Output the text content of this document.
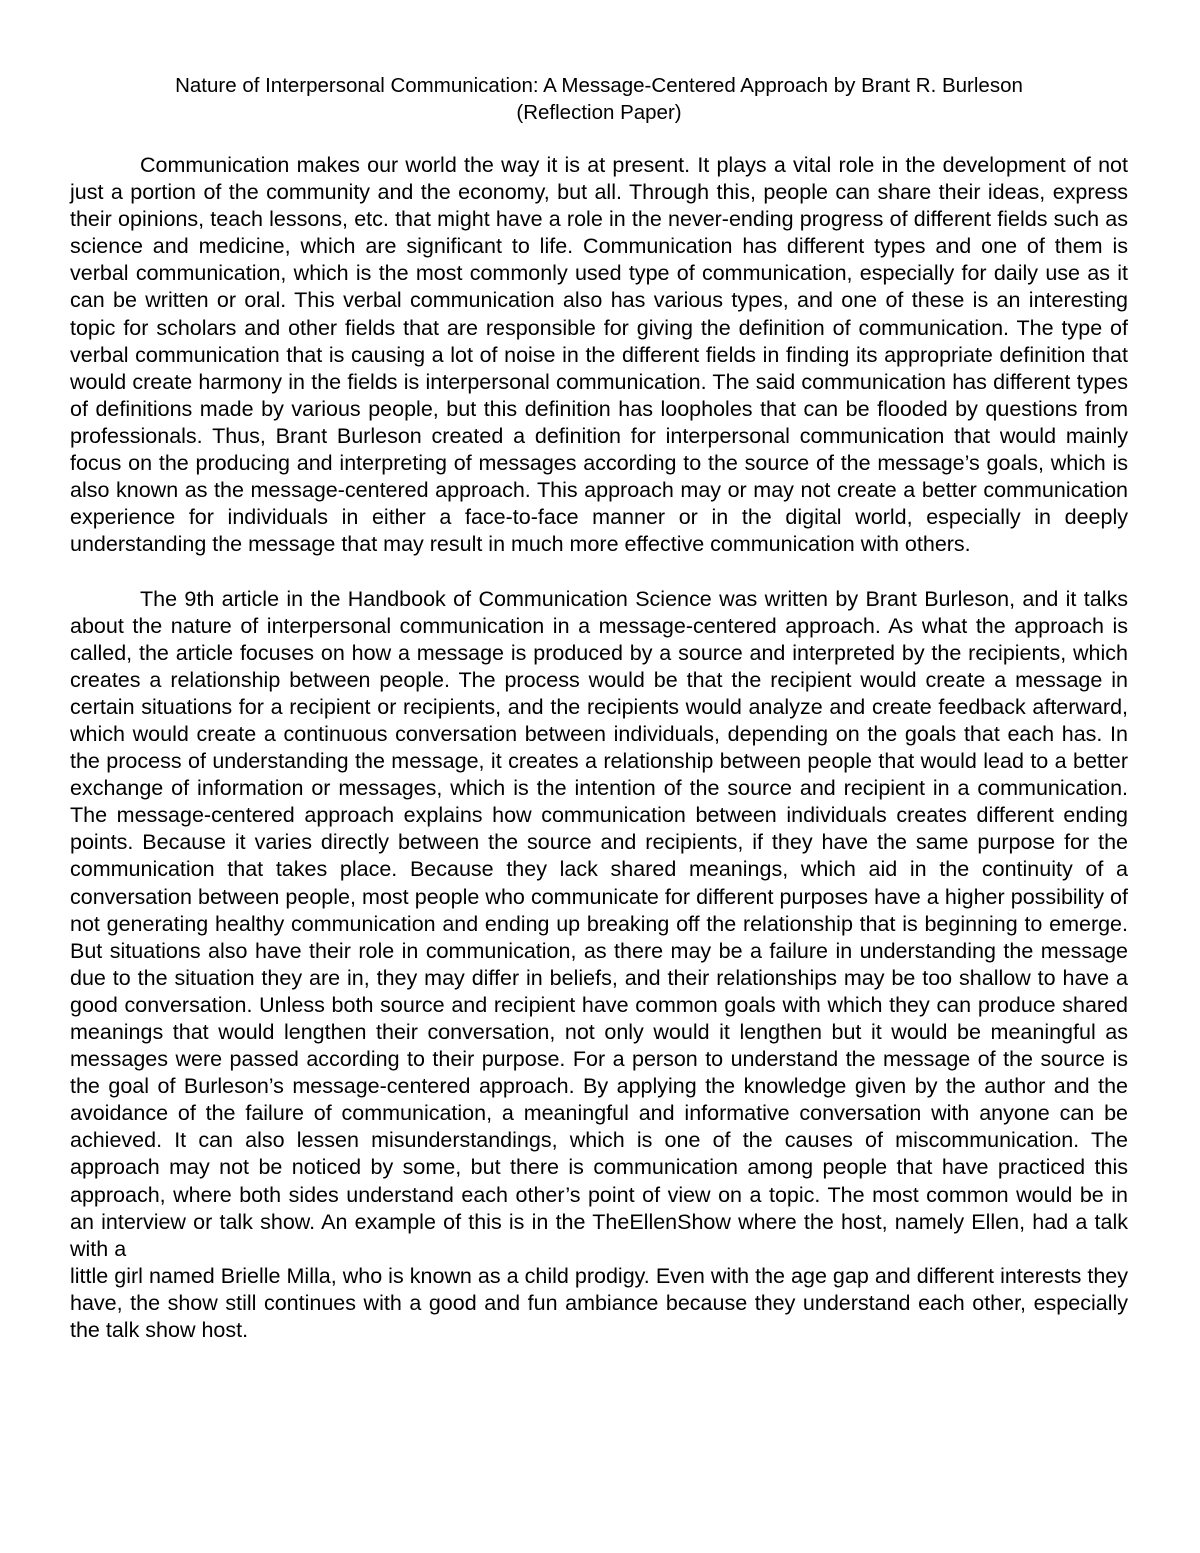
Nature of Interpersonal Communication: A Message-Centered Approach by Brant R. Burleson
(Reflection Paper)

Communication makes our world the way it is at present. It plays a vital role in the development of not just a portion of the community and the economy, but all. Through this, people can share their ideas, express their opinions, teach lessons, etc. that might have a role in the never-ending progress of different fields such as science and medicine, which are significant to life. Communication has different types and one of them is verbal communication, which is the most commonly used type of communication, especially for daily use as it can be written or oral. This verbal communication also has various types, and one of these is an interesting topic for scholars and other fields that are responsible for giving the definition of communication. The type of verbal communication that is causing a lot of noise in the different fields in finding its appropriate definition that would create harmony in the fields is interpersonal communication. The said communication has different types of definitions made by various people, but this definition has loopholes that can be flooded by questions from professionals. Thus, Brant Burleson created a definition for interpersonal communication that would mainly focus on the producing and interpreting of messages according to the source of the message’s goals, which is also known as the message-centered approach. This approach may or may not create a better communication experience for individuals in either a face-to-face manner or in the digital world, especially in deeply understanding the message that may result in much more effective communication with others.

The 9th article in the Handbook of Communication Science was written by Brant Burleson, and it talks about the nature of interpersonal communication in a message-centered approach. As what the approach is called, the article focuses on how a message is produced by a source and interpreted by the recipients, which creates a relationship between people. The process would be that the recipient would create a message in certain situations for a recipient or recipients, and the recipients would analyze and create feedback afterward, which would create a continuous conversation between individuals, depending on the goals that each has. In the process of understanding the message, it creates a relationship between people that would lead to a better exchange of information or messages, which is the intention of the source and recipient in a communication. The message-centered approach explains how communication between individuals creates different ending points. Because it varies directly between the source and recipients, if they have the same purpose for the communication that takes place. Because they lack shared meanings, which aid in the continuity of a conversation between people, most people who communicate for different purposes have a higher possibility of not generating healthy communication and ending up breaking off the relationship that is beginning to emerge. But situations also have their role in communication, as there may be a failure in understanding the message due to the situation they are in, they may differ in beliefs, and their relationships may be too shallow to have a good conversation. Unless both source and recipient have common goals with which they can produce shared meanings that would lengthen their conversation, not only would it lengthen but it would be meaningful as messages were passed according to their purpose. For a person to understand the message of the source is the goal of Burleson’s message-centered approach. By applying the knowledge given by the author and the avoidance of the failure of communication, a meaningful and informative conversation with anyone can be achieved. It can also lessen misunderstandings, which is one of the causes of miscommunication. The approach may not be noticed by some, but there is communication among people that have practiced this approach, where both sides understand each other’s point of view on a topic. The most common would be in an interview or talk show. An example of this is in the TheEllenShow where the host, namely Ellen, had a talk with a

little girl named Brielle Milla, who is known as a child prodigy. Even with the age gap and different interests they have, the show still continues with a good and fun ambiance because they understand each other, especially the talk show host.
